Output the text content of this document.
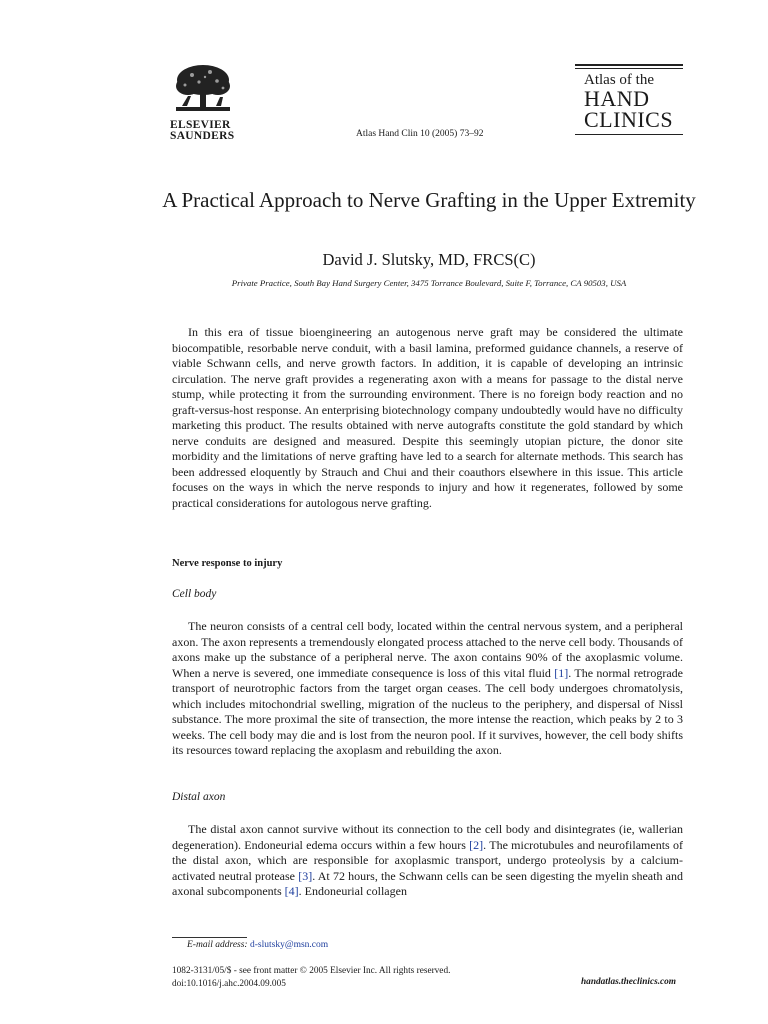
ELSEVIER
SAUNDERS	Atlas Hand Clin 10 (2005) 73–92
Atlas of the
HAND
CLINICS
A Practical Approach to Nerve Grafting in the Upper Extremity
David J. Slutsky, MD, FRCS(C)
Private Practice, South Bay Hand Surgery Center, 3475 Torrance Boulevard, Suite F, Torrance, CA 90503, USA
In this era of tissue bioengineering an autogenous nerve graft may be considered the ultimate biocompatible, resorbable nerve conduit, with a basil lamina, preformed guidance channels, a reserve of viable Schwann cells, and nerve growth factors. In addition, it is capable of developing an intrinsic circulation. The nerve graft provides a regenerating axon with a means for passage to the distal nerve stump, while protecting it from the surrounding environment. There is no foreign body reaction and no graft-versus-host response. An enterprising biotechnology company undoubtedly would have no difficulty marketing this product. The results obtained with nerve autografts constitute the gold standard by which nerve conduits are designed and measured. Despite this seemingly utopian picture, the donor site morbidity and the limitations of nerve grafting have led to a search for alternate methods. This search has been addressed eloquently by Strauch and Chui and their coauthors elsewhere in this issue. This article focuses on the ways in which the nerve responds to injury and how it regenerates, followed by some practical considerations for autologous nerve grafting.
Nerve response to injury
Cell body
The neuron consists of a central cell body, located within the central nervous system, and a peripheral axon. The axon represents a tremendously elongated process attached to the nerve cell body. Thousands of axons make up the substance of a peripheral nerve. The axon contains 90% of the axoplasmic volume. When a nerve is severed, one immediate consequence is loss of this vital fluid [1]. The normal retrograde transport of neurotrophic factors from the target organ ceases. The cell body undergoes chromatolysis, which includes mitochondrial swelling, migration of the nucleus to the periphery, and dispersal of Nissl substance. The more proximal the site of transection, the more intense the reaction, which peaks by 2 to 3 weeks. The cell body may die and is lost from the neuron pool. If it survives, however, the cell body shifts its resources toward replacing the axoplasm and rebuilding the axon.
Distal axon
The distal axon cannot survive without its connection to the cell body and disintegrates (ie, wallerian degeneration). Endoneurial edema occurs within a few hours [2]. The microtubules and neurofilaments of the distal axon, which are responsible for axoplasmic transport, undergo proteolysis by a calcium-activated neutral protease [3]. At 72 hours, the Schwann cells can be seen digesting the myelin sheath and axonal subcomponents [4]. Endoneurial collagen
E-mail address: d-slutsky@msn.com
1082-3131/05/$ - see front matter © 2005 Elsevier Inc. All rights reserved.
doi:10.1016/j.ahc.2004.09.005	handatlas.theclinics.com
